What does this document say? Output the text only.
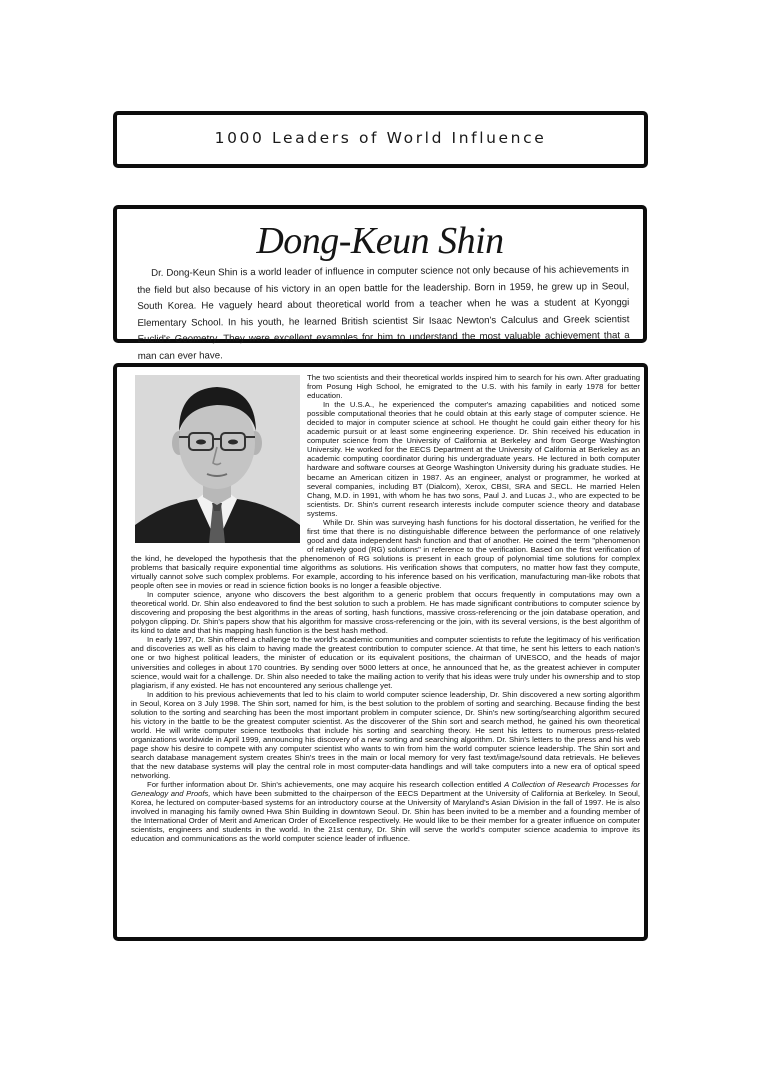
1000 Leaders of World Influence
Dong-Keun Shin
Dr. Dong-Keun Shin is a world leader of influence in computer science not only because of his achievements in the field but also because of his victory in an open battle for the leadership. Born in 1959, he grew up in Seoul, South Korea. He vaguely heard about theoretical world from a teacher when he was a student at Kyonggi Elementary School. In his youth, he learned British scientist Sir Isaac Newton's Calculus and Greek scientist Euclid's Geometry. They were excellent examples for him to understand the most valuable achievement that a man can ever have.

The two scientists and their theoretical worlds inspired him to search for his own. After graduating from Posung High School, he emigrated to the U.S. with his family in early 1978 for better education.

In the U.S.A., he experienced the computer's amazing capabilities and noticed some possible computational theories that he could obtain at this early stage of computer science. He decided to major in computer science at school. He thought he could gain either theory for his academic pursuit or at least some engineering experience. Dr. Shin received his education in computer science from the University of California at Berkeley and from George Washington University. He worked for the EECS Department at the University of California at Berkeley as an academic computing coordinator during his undergraduate years. He lectured in both computer hardware and software courses at George Washington University during his graduate studies. He became an American citizen in 1987. As an engineer, analyst or programmer, he worked at several companies, including BT (Dialcom), Xerox, CBSI, SRA and SECL. He married Helen Chang, M.D. in 1991, with whom he has two sons, Paul J. and Lucas J., who are expected to be scientists. Dr. Shin's current research interests include computer science theory and database systems.

While Dr. Shin was surveying hash functions for his doctoral dissertation, he verified for the first time that there is no distinguishable difference between the performance of one relatively good and data independent hash function and that of another. He coined the term "phenomenon of relatively good (RG) solutions" in reference to the verification. Based on the first verification of the kind, he developed the hypothesis that the phenomenon of RG solutions is present in each group of polynomial time solutions for complex problems that basically require exponential time algorithms as solutions. His verification shows that computers, no matter how fast they compute, virtually cannot solve such complex problems. For example, according to his inference based on his verification, manufacturing man-like robots that people often see in movies or read in science fiction books is no longer a feasible objective.

In computer science, anyone who discovers the best algorithm to a generic problem that occurs frequently in computations may own a theoretical world. Dr. Shin also endeavored to find the best solution to such a problem. He has made significant contributions to computer science by discovering and proposing the best algorithms in the areas of sorting, hash functions, massive cross-referencing or the join database operation, and polygon clipping. Dr. Shin's papers show that his algorithm for massive cross-referencing or the join, with its several versions, is the best algorithm of its kind to date and that his mapping hash function is the best hash method.

In early 1997, Dr. Shin offered a challenge to the world's academic communities and computer scientists to refute the legitimacy of his verification and discoveries as well as his claim to having made the greatest contribution to computer science. At that time, he sent his letters to each nation's one or two highest political leaders, the minister of education or its equivalent positions, the chairman of UNESCO, and the heads of major universities and colleges in about 170 countries. By sending over 5000 letters at once, he announced that he, as the greatest achiever in computer science, would wait for a challenge. Dr. Shin also needed to take the mailing action to verify that his ideas were truly under his ownership and to stop plagiarism, if any existed. He has not encountered any serious challenge yet.

In addition to his previous achievements that led to his claim to world computer science leadership, Dr. Shin discovered a new sorting algorithm in Seoul, Korea on 3 July 1998. The Shin sort, named for him, is the best solution to the problem of sorting and searching. Because finding the best solution to the sorting and searching has been the most important problem in computer science, Dr. Shin's new sorting/searching algorithm secured his victory in the battle to be the greatest computer scientist. As the discoverer of the Shin sort and search method, he gained his own theoretical world. He will write computer science textbooks that include his sorting and searching theory. He sent his letters to numerous press-related organizations worldwide in April 1999, announcing his discovery of a new sorting and searching algorithm. Dr. Shin's letters to the press and his web page show his desire to compete with any computer scientist who wants to win from him the world computer science leadership. The Shin sort and search database management system creates Shin's trees in the main or local memory for very fast text/image/sound data retrievals. He believes that the new database systems will play the central role in most computer-data handlings and will take computers into a new era of optical speed networking.

For further information about Dr. Shin's achievements, one may acquire his research collection entitled A Collection of Research Processes for Genealogy and Proofs, which have been submitted to the chairperson of the EECS Department at the University of California at Berkeley. In Seoul, Korea, he lectured on computer-based systems for an introductory course at the University of Maryland's Asian Division in the fall of 1997. He is also involved in managing his family owned Hwa Shin Building in downtown Seoul. Dr. Shin has been invited to be a member and a founding member of the International Order of Merit and American Order of Excellence respectively. He would like to be their member for a greater influence on computer scientists, engineers and students in the world. In the 21st century, Dr. Shin will serve the world's computer science academia to improve its education and communications as the world computer science leader of influence.
